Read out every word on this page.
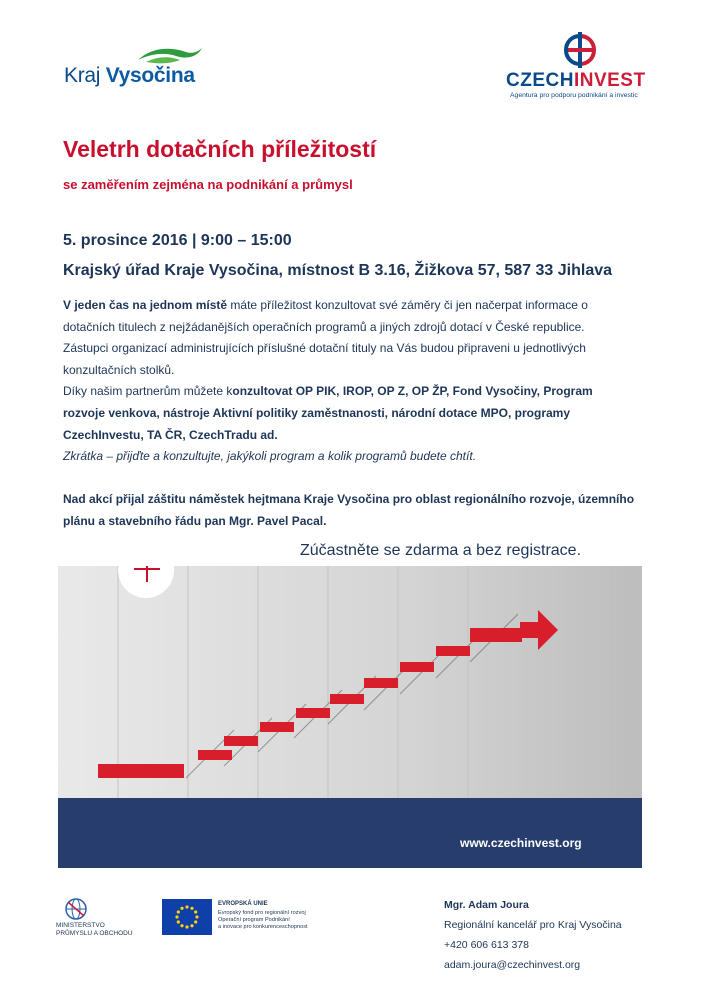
Kraj Vysočina	CZECHINVEST
Agentura pro podporu podnikání a investic
Veletrh dotačních příležitostí
se zaměřením zejména na podnikání a průmysl
5. prosince 2016 | 9:00 – 15:00
Krajský úřad Kraje Vysočina, místnost B 3.16, Žižkova 57, 587 33 Jihlava
V jeden čas na jednom místě máte příležitost konzultovat své záměry či jen načerpat informace o
dotačních titulech z nejžádanějších operačních programů a jiných zdrojů dotací v České republice.
Zástupci organizací administrujících příslušné dotační tituly na Vás budou připraveni u jednotlivých
konzultačních stolků.
Díky našim partnerům můžete konzultovat OP PIK, IROP, OP Z, OP ŽP, Fond Vysočiny, Program
rozvoje venkova, nástroje Aktivní politiky zaměstnanosti, národní dotace MPO, programy
CzechInvestu, TA ČR, CzechTradu ad.
Zkrátka – přijďte a konzultujte, jakýkoli program a kolik programů budete chtít.
Nad akcí přijal záštitu náměstek hejtmana Kraje Vysočina pro oblast regionálního rozvoje, územního
plánu a stavebního řádu pan Mgr. Pavel Pacal.
Zúčastněte se zdarma a bez registrace.
www.czechinvest.org
MINISTERSTVO
PRŮMYSLU A OBCHODU
EVROPSKÁ UNIE
Evropský fond pro regionální rozvoj
Operační program Podnikání
a inovace pro konkurenceschopnost
Mgr. Adam Joura
Regionální kancelář pro Kraj Vysočina
+420 606 613 378
adam.joura@czechinvest.org
